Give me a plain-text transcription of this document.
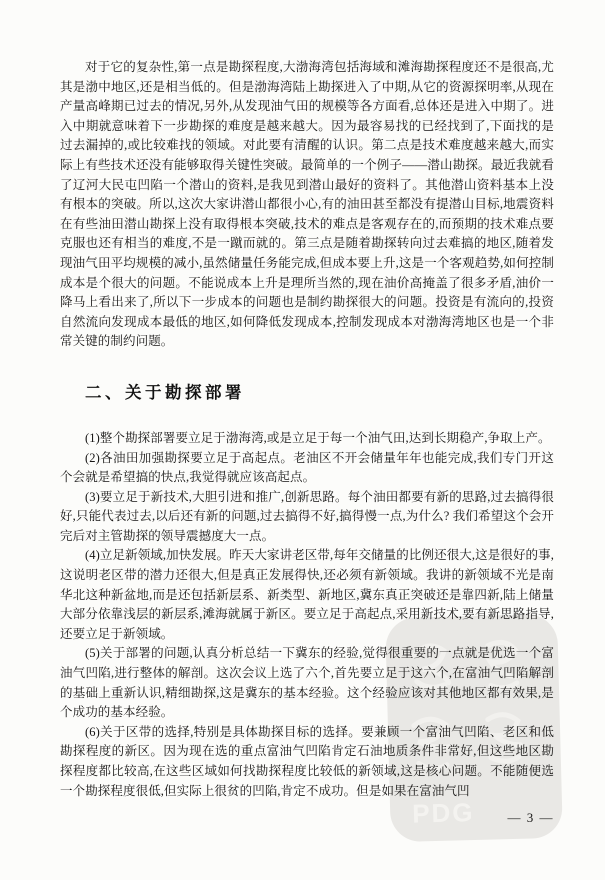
PDG

对于它的复杂性,第一点是勘探程度,大渤海湾包括海域和滩海勘探程度还不是很高,尤其是渤中地区,还是相当低的。但是渤海湾陆上勘探进入了中期,从它的资源探明率,从现在产量高峰期已过去的情况,另外,从发现油气田的规模等各方面看,总体还是进入中期了。进入中期就意味着下一步勘探的难度是越来越大。因为最容易找的已经找到了,下面找的是过去漏掉的,或比较难找的领域。对此要有清醒的认识。第二点是技术难度越来越大,而实际上有些技术还没有能够取得关键性突破。最简单的一个例子——潜山勘探。最近我就看了辽河大民屯凹陷一个潜山的资料,是我见到潜山最好的资料了。其他潜山资料基本上没有根本的突破。所以,这次大家讲潜山都很小心,有的油田甚至都没有提潜山目标,地震资料在有些油田潜山勘探上没有取得根本突破,技术的难点是客观存在的,而预期的技术难点要克服也还有相当的难度,不是一蹴而就的。第三点是随着勘探转向过去难搞的地区,随着发现油气田平均规模的减小,虽然储量任务能完成,但成本要上升,这是一个客观趋势,如何控制成本是个很大的问题。不能说成本上升是理所当然的,现在油价高掩盖了很多矛盾,油价一降马上看出来了,所以下一步成本的问题也是制约勘探很大的问题。投资是有流向的,投资自然流向发现成本最低的地区,如何降低发现成本,控制发现成本对渤海湾地区也是一个非常关键的制约问题。

二、关于勘探部署

(1)整个勘探部署要立足于渤海湾,或是立足于每一个油气田,达到长期稳产,争取上产。

(2)各油田加强勘探要立足于高起点。老油区不开会储量年年也能完成,我们专门开这个会就是希望搞的快点,我觉得就应该高起点。

(3)要立足于新技术,大胆引进和推广,创新思路。每个油田都要有新的思路,过去搞得很好,只能代表过去,以后还有新的问题,过去搞得不好,搞得慢一点,为什么? 我们希望这个会开完后对主管勘探的领导震撼度大一点。

(4)立足新领域,加快发展。昨天大家讲老区带,每年交储量的比例还很大,这是很好的事,这说明老区带的潜力还很大,但是真正发展得快,还必须有新领域。我讲的新领域不光是南华北这种新盆地,而是还包括新层系、新类型、新地区,冀东真正突破还是靠四新,陆上储量大部分依靠浅层的新层系,滩海就属于新区。要立足于高起点,采用新技术,要有新思路指导,还要立足于新领域。

(5)关于部署的问题,认真分析总结一下冀东的经验,觉得很重要的一点就是优选一个富油气凹陷,进行整体的解剖。这次会议上选了六个,首先要立足于这六个,在富油气凹陷解剖的基础上重新认识,精细勘探,这是冀东的基本经验。这个经验应该对其他地区都有效果,是个成功的基本经验。

(6)关于区带的选择,特别是具体勘探目标的选择。要兼顾一个富油气凹陷、老区和低勘探程度的新区。因为现在选的重点富油气凹陷肯定石油地质条件非常好,但这些地区勘探程度都比较高,在这些区域如何找勘探程度比较低的新领域,这是核心问题。不能随便选一个勘探程度很低,但实际上很贫的凹陷,肯定不成功。但是如果在富油气凹

— 3 —
